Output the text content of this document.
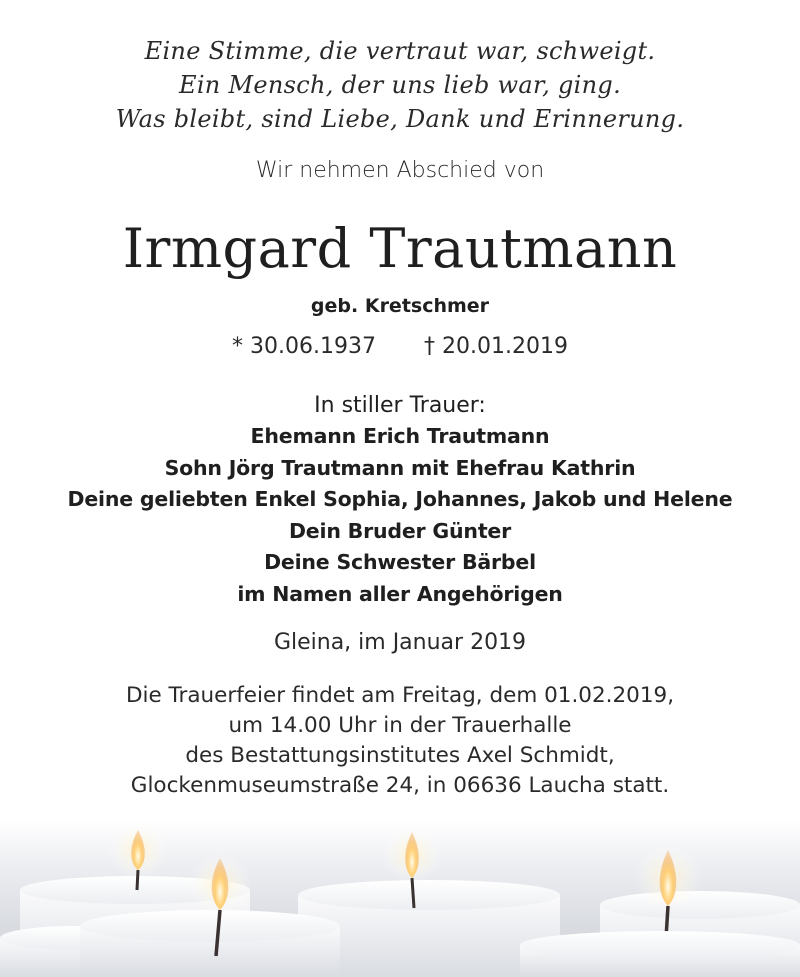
Eine Stimme, die vertraut war, schweigt.
Ein Mensch, der uns lieb war, ging.
Was bleibt, sind Liebe, Dank und Erinnerung.
Wir nehmen Abschied von
Irmgard Trautmann
geb. Kretschmer
* 30.06.1937 † 20.01.2019
In stiller Trauer:
Ehemann Erich Trautmann
Sohn Jörg Trautmann mit Ehefrau Kathrin
Deine geliebten Enkel Sophia, Johannes, Jakob und Helene
Dein Bruder Günter
Deine Schwester Bärbel
im Namen aller Angehörigen
Gleina, im Januar 2019
Die Trauerfeier findet am Freitag, dem 01.02.2019,
um 14.00 Uhr in der Trauerhalle
des Bestattungsinstitutes Axel Schmidt,
Glockenmuseumstraße 24, in 06636 Laucha statt.
